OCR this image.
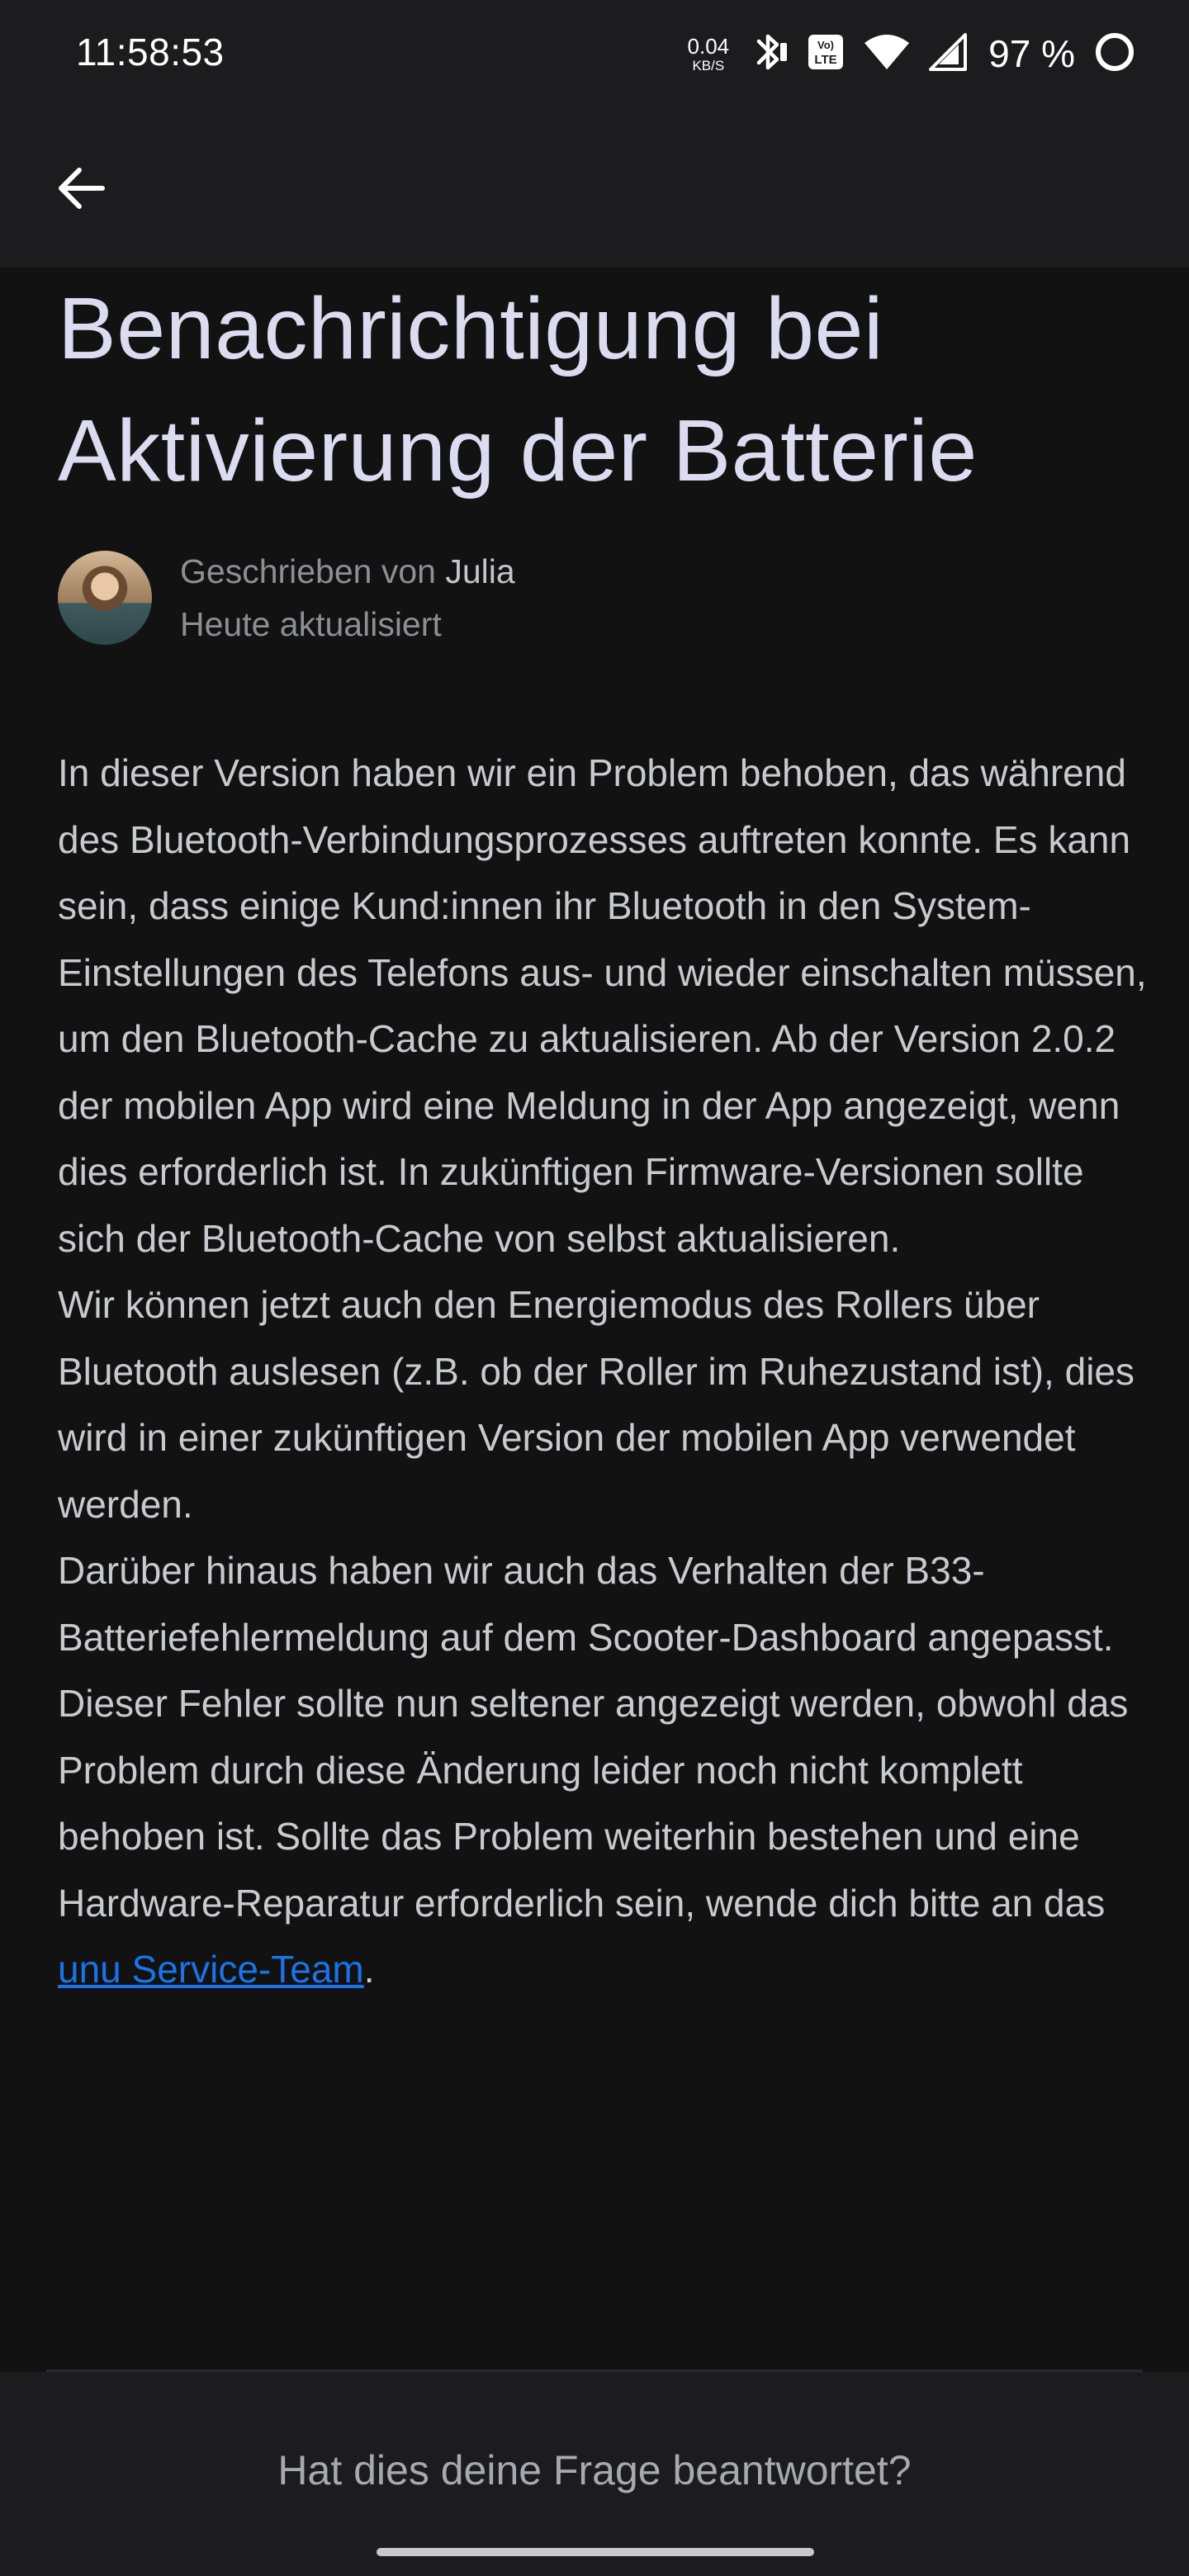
11:58:53	0.04
KB/S
Vo)
LTE	97 %
Benachrichtigung bei Aktivierung der Batterie
Geschrieben von Julia
Heute aktualisiert

In dieser Version haben wir ein Problem behoben, das während des Bluetooth-Verbindungsprozesses auftreten konnte. Es kann sein, dass einige Kund:innen ihr Bluetooth in den System-Einstellungen des Telefons aus- und wieder einschalten müssen, um den Bluetooth-Cache zu aktualisieren. Ab der Version 2.0.2 der mobilen App wird eine Meldung in der App angezeigt, wenn dies erforderlich ist. In zukünftigen Firmware-Versionen sollte sich der Bluetooth-Cache von selbst aktualisieren.

Wir können jetzt auch den Energiemodus des Rollers über Bluetooth auslesen (z.B. ob der Roller im Ruhezustand ist), dies wird in einer zukünftigen Version der mobilen App verwendet werden.

Darüber hinaus haben wir auch das Verhalten der B33-Batteriefehlermeldung auf dem Scooter-Dashboard angepasst. Dieser Fehler sollte nun seltener angezeigt werden, obwohl das Problem durch diese Änderung leider noch nicht komplett behoben ist. Sollte das Problem weiterhin bestehen und eine Hardware-Reparatur erforderlich sein, wende dich bitte an das unu Service-Team.

Hat dies deine Frage beantwortet?
